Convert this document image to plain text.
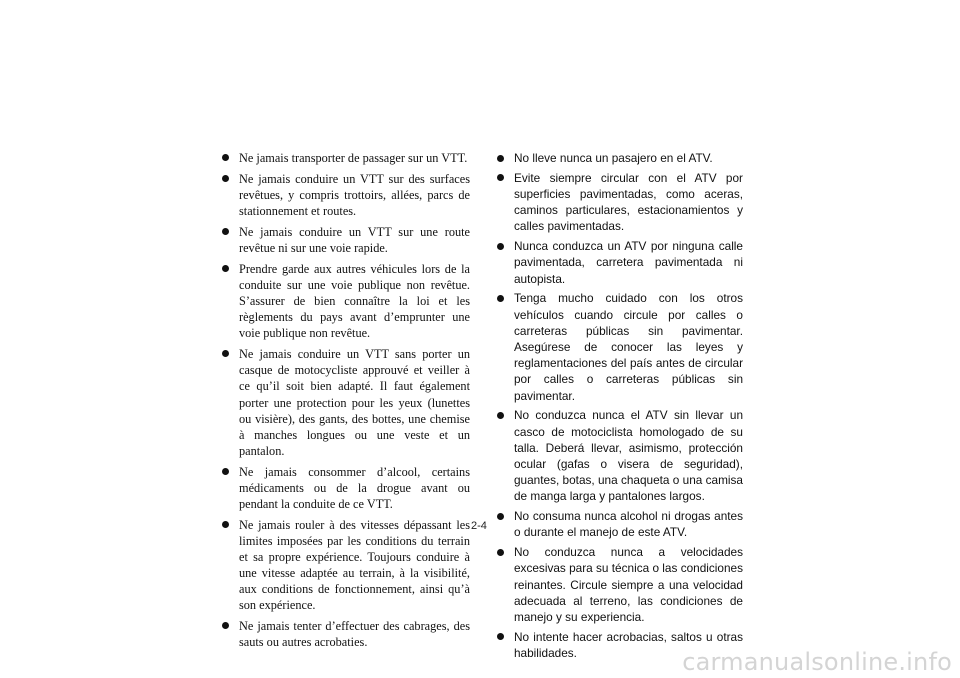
Ne jamais transporter de passager sur un VTT.
Ne jamais conduire un VTT sur des surfaces revêtues, y compris trottoirs, allées, parcs de stationnement et routes.
Ne jamais conduire un VTT sur une route revêtue ni sur une voie rapide.
Prendre garde aux autres véhicules lors de la conduite sur une voie publique non revêtue. S’assurer de bien connaître la loi et les règlements du pays avant d’emprunter une voie publique non revêtue.
Ne jamais conduire un VTT sans porter un casque de motocycliste approuvé et veiller à ce qu’il soit bien adapté. Il faut également porter une protection pour les yeux (lunettes ou visière), des gants, des bottes, une chemise à manches longues ou une veste et un pantalon.
Ne jamais consommer d’alcool, certains médicaments ou de la drogue avant ou pendant la conduite de ce VTT.
Ne jamais rouler à des vitesses dépassant les limites imposées par les conditions du terrain et sa propre expérience. Toujours conduire à une vitesse adaptée au terrain, à la visibilité, aux conditions de fonctionnement, ainsi qu’à son expérience.
Ne jamais tenter d’effectuer des cabrages, des sauts ou autres acrobaties.
No lleve nunca un pasajero en el ATV.
Evite siempre circular con el ATV por superficies pavimentadas, como aceras, caminos particulares, estacionamientos y calles pavimentadas.
Nunca conduzca un ATV por ninguna calle pavimentada, carretera pavimentada ni autopista.
Tenga mucho cuidado con los otros vehículos cuando circule por calles o carreteras públicas sin pavimentar. Asegúrese de conocer las leyes y reglamentaciones del país antes de circular por calles o carreteras públicas sin pavimentar.
No conduzca nunca el ATV sin llevar un casco de motociclista homologado de su talla. Deberá llevar, asimismo, protección ocular (gafas o visera de seguridad), guantes, botas, una chaqueta o una camisa de manga larga y pantalones largos.
No consuma nunca alcohol ni drogas antes o durante el manejo de este ATV.
No conduzca nunca a velocidades excesivas para su técnica o las condiciones reinantes. Circule siempre a una velocidad adecuada al terreno, las condiciones de manejo y su experiencia.
No intente hacer acrobacias, saltos u otras habilidades.
2-4
carmanualsonline.info
